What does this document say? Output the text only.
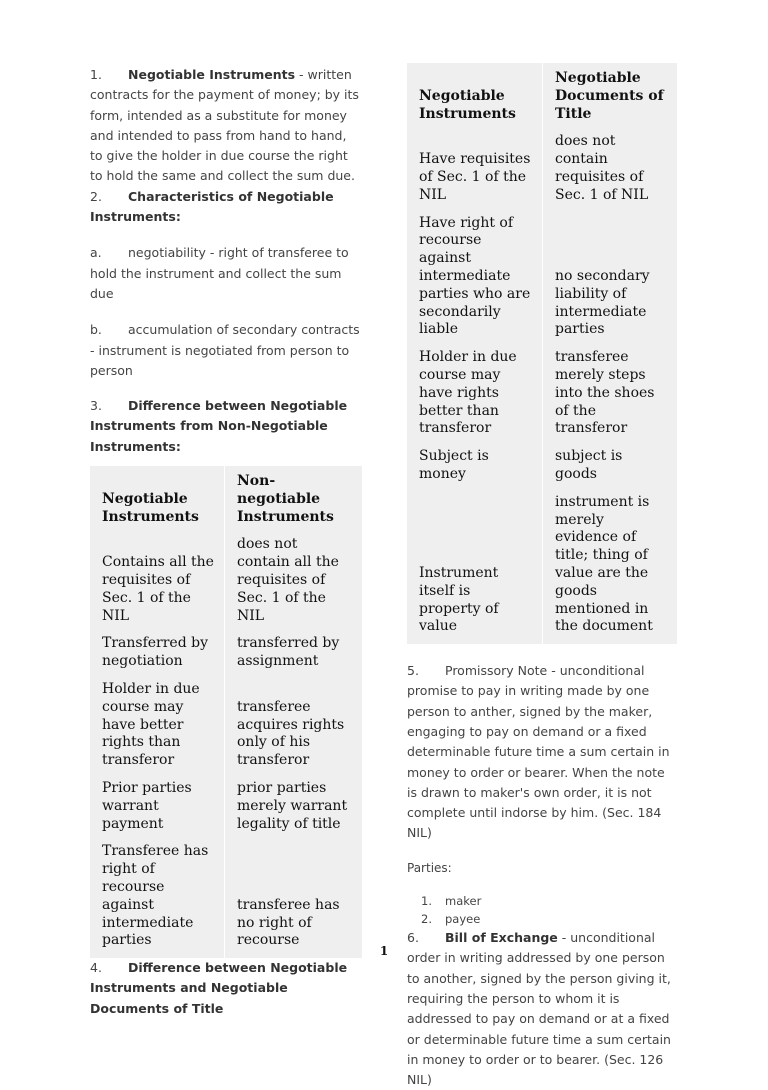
1. Negotiable Instruments - written contracts for the payment of money; by its form, intended as a substitute for money and intended to pass from hand to hand, to give the holder in due course the right to hold the same and collect the sum due.

2. Characteristics of Negotiable Instruments:

a. negotiability - right of transferee to hold the instrument and collect the sum due

b. accumulation of secondary contracts - instrument is negotiated from person to person

3. Difference between Negotiable Instruments from Non-Negotiable Instruments:

Negotiable Instruments	Non-negotiable Instruments
Contains all the requisites of Sec. 1 of the NIL	does not contain all the requisites of Sec. 1 of the NIL
Transferred by negotiation	transferred by assignment
Holder in due course may have better rights than transferor	transferee acquires rights only of his transferor
Prior parties warrant payment	prior parties merely warrant legality of title
Transferee has right of recourse against intermediate parties	transferee has no right of recourse

4. Difference between Negotiable Instruments and Negotiable Documents of Title

Negotiable Instruments	Negotiable Documents of Title
Have requisites of Sec. 1 of the NIL	does not contain requisites of Sec. 1 of NIL
Have right of recourse against intermediate parties who are secondarily liable	no secondary liability of intermediate parties
Holder in due course may have rights better than transferor	transferee merely steps into the shoes of the transferor
Subject is money	subject is goods
Instrument itself is property of value	instrument is merely evidence of title; thing of value are the goods mentioned in the document

5. Promissory Note - unconditional promise to pay in writing made by one person to anther, signed by the maker, engaging to pay on demand or a fixed determinable future time a sum certain in money to order or bearer. When the note is drawn to maker's own order, it is not complete until indorse by him. (Sec. 184 NIL)

Parties:

1. maker
2. payee

6. Bill of Exchange - unconditional order in writing addressed by one person to another, signed by the person giving it, requiring the person to whom it is addressed to pay on demand or at a fixed or determinable future time a sum certain in money to order or to bearer. (Sec. 126 NIL)

1
